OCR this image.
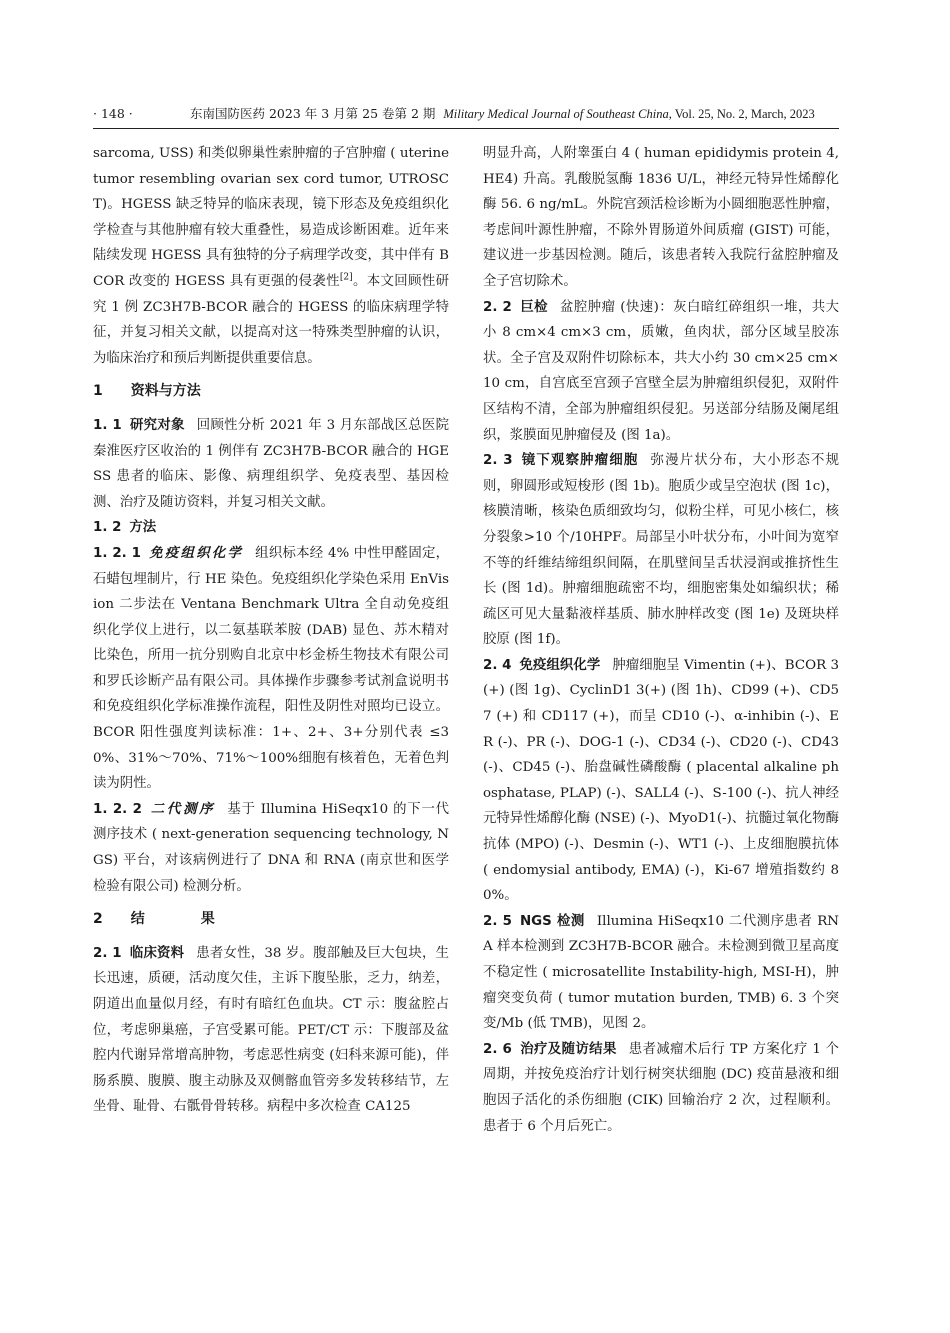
· 148 ·	东南国防医药 2023 年 3 月第 25 卷第 2 期 Military Medical Journal of Southeast China, Vol. 25, No. 2, March, 2023

sarcoma, USS) 和类似卵巢性索肿瘤的子宫肿瘤 ( uterine tumor resembling ovarian sex cord tumor, UTROSCT)。HGESS 缺乏特异的临床表现，镜下形态及免疫组织化学检查与其他肿瘤有较大重叠性，易造成诊断困难。近年来陆续发现 HGESS 具有独特的分子病理学改变，其中伴有 BCOR 改变的 HGESS 具有更强的侵袭性[2]。本文回顾性研究 1 例 ZC3H7B-BCOR 融合的 HGESS 的临床病理学特征，并复习相关文献，以提高对这一特殊类型肿瘤的认识，为临床治疗和预后判断提供重要信息。

1 资料与方法

1. 1 研究对象 回顾性分析 2021 年 3 月东部战区总医院秦淮医疗区收治的 1 例伴有 ZC3H7B-BCOR 融合的 HGESS 患者的临床、影像、病理组织学、免疫表型、基因检测、治疗及随访资料，并复习相关文献。

1. 2 方法

1. 2. 1 免疫组织化学 组织标本经 4% 中性甲醛固定，石蜡包埋制片，行 HE 染色。免疫组织化学染色采用 EnVision 二步法在 Ventana Benchmark Ultra 全自动免疫组织化学仪上进行，以二氨基联苯胺 (DAB) 显色、苏木精对比染色，所用一抗分别购自北京中杉金桥生物技术有限公司和罗氏诊断产品有限公司。具体操作步骤参考试剂盒说明书和免疫组织化学标准操作流程，阳性及阴性对照均已设立。BCOR 阳性强度判读标准：1+、2+、3+分别代表 ≤30%、31%～70%、71%～100%细胞有核着色，无着色判读为阴性。

1. 2. 2 二代测序 基于 Illumina HiSeqx10 的下一代测序技术 ( next-generation sequencing technology, NGS) 平台，对该病例进行了 DNA 和 RNA (南京世和医学检验有限公司) 检测分析。

2 结	果

2. 1 临床资料 患者女性，38 岁。腹部触及巨大包块，生长迅速，质硬，活动度欠佳，主诉下腹坠胀，乏力，纳差，阴道出血量似月经，有时有暗红色血块。CT 示：腹盆腔占位，考虑卵巢癌，子宫受累可能。PET/CT 示：下腹部及盆腔内代谢异常增高肿物，考虑恶性病变 (妇科来源可能)，伴肠系膜、腹膜、腹主动脉及双侧髂血管旁多发转移结节，左坐骨、耻骨、右骶骨骨转移。病程中多次检查 CA125

明显升高，人附睾蛋白 4 ( human epididymis protein 4, HE4) 升高。乳酸脱氢酶 1836 U/L，神经元特异性烯醇化酶 56. 6 ng/mL。外院宫颈活检诊断为小圆细胞恶性肿瘤，考虑间叶源性肿瘤，不除外胃肠道外间质瘤 (GIST) 可能，建议进一步基因检测。随后，该患者转入我院行盆腔肿瘤及全子宫切除术。

2. 2 巨检 盆腔肿瘤 (快速)：灰白暗红碎组织一堆，共大小 8 cm×4 cm×3 cm，质嫩，鱼肉状，部分区域呈胶冻状。全子宫及双附件切除标本，共大小约 30 cm×25 cm×10 cm，自宫底至宫颈子宫壁全层为肿瘤组织侵犯，双附件区结构不清，全部为肿瘤组织侵犯。另送部分结肠及阑尾组织，浆膜面见肿瘤侵及 (图 1a)。

2. 3 镜下观察肿瘤细胞 弥漫片状分布，大小形态不规则，卵圆形或短梭形 (图 1b)。胞质少或呈空泡状 (图 1c)，核膜清晰，核染色质细致均匀，似粉尘样，可见小核仁，核分裂象>10 个/10HPF。局部呈小叶状分布，小叶间为宽窄不等的纤维结缔组织间隔，在肌壁间呈舌状浸润或推挤性生长 (图 1d)。肿瘤细胞疏密不均，细胞密集处如编织状；稀疏区可见大量黏液样基质、肺水肿样改变 (图 1e) 及斑块样胶原 (图 1f)。

2. 4 免疫组织化学 肿瘤细胞呈 Vimentin (+)、BCOR 3(+) (图 1g)、CyclinD1 3(+) (图 1h)、CD99 (+)、CD57 (+) 和 CD117 (+)，而呈 CD10 (-)、α-inhibin (-)、ER (-)、PR (-)、DOG-1 (-)、CD34 (-)、CD20 (-)、CD43 (-)、CD45 (-)、胎盘碱性磷酸酶 ( placental alkaline phosphatase, PLAP) (-)、SALL4 (-)、S-100 (-)、抗人神经元特异性烯醇化酶 (NSE) (-)、MyoD1(-)、抗髓过氧化物酶抗体 (MPO) (-)、Desmin (-)、WT1 (-)、上皮细胞膜抗体 ( endomysial antibody, EMA) (-)，Ki-67 增殖指数约 80%。

2. 5 NGS 检测 Illumina HiSeqx10 二代测序患者 RNA 样本检测到 ZC3H7B-BCOR 融合。未检测到微卫星高度不稳定性 ( microsatellite Instability-high, MSI-H)，肿瘤突变负荷 ( tumor mutation burden, TMB) 6. 3 个突变/Mb (低 TMB)，见图 2。

2. 6 治疗及随访结果 患者减瘤术后行 TP 方案化疗 1 个周期，并按免疫治疗计划行树突状细胞 (DC) 疫苗悬液和细胞因子活化的杀伤细胞 (CIK) 回输治疗 2 次，过程顺利。患者于 6 个月后死亡。
